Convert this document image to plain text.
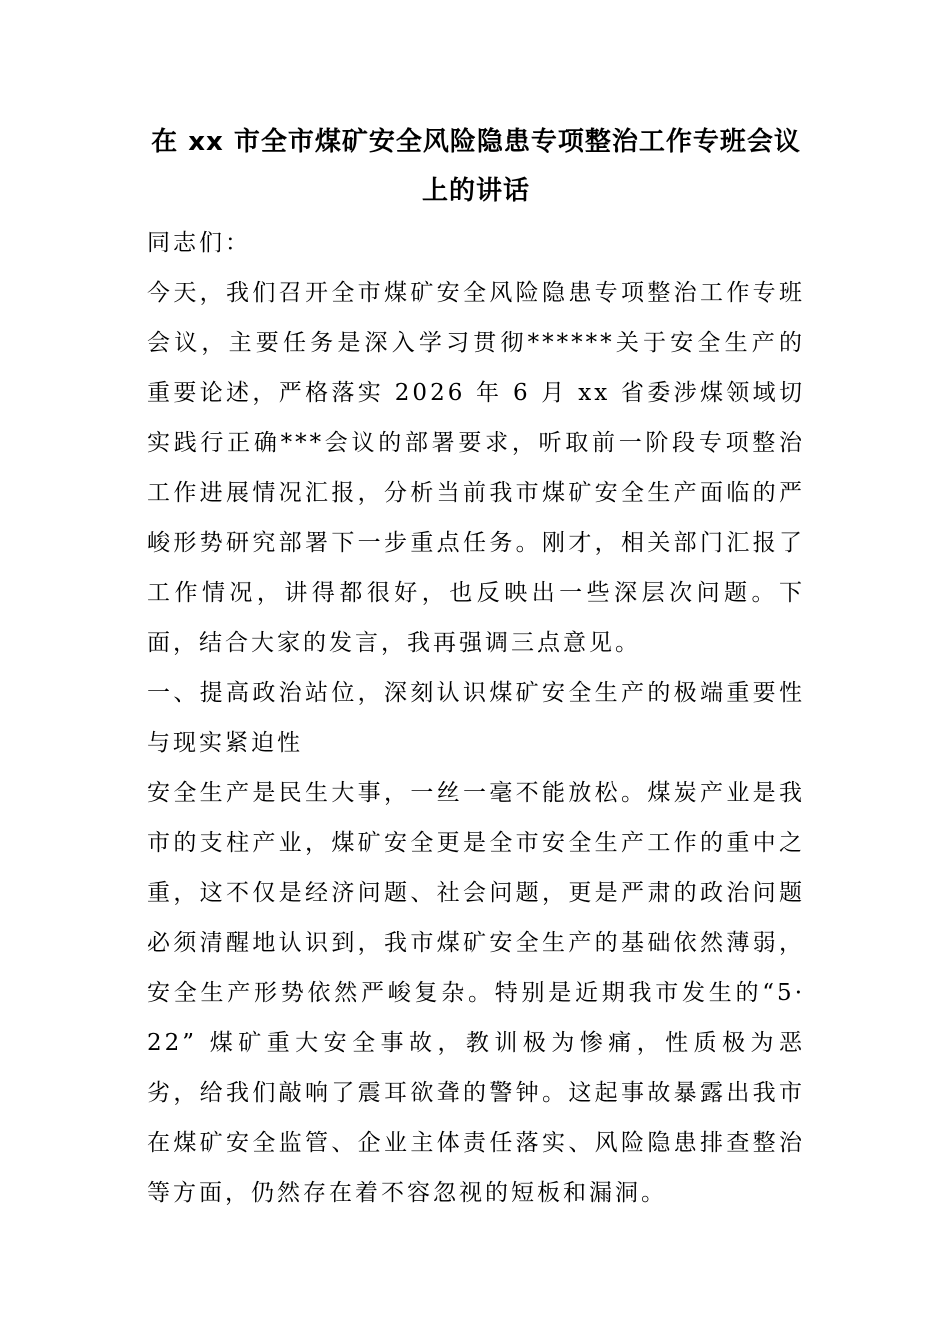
在 xx 市全市煤矿安全风险隐患专项整治工作专班会议上的讲话

同志们：

今天，我们召开全市煤矿安全风险隐患专项整治工作专班会议，主要任务是深入学习贯彻******关于安全生产的重要论述，严格落实 2026 年 6 月 xx 省委涉煤领域切实践行正确***会议的部署要求，听取前一阶段专项整治工作进展情况汇报，分析当前我市煤矿安全生产面临的严峻形势研究部署下一步重点任务。刚才，相关部门汇报了工作情况，讲得都很好，也反映出一些深层次问题。下面，结合大家的发言，我再强调三点意见。

一、提高政治站位，深刻认识煤矿安全生产的极端重要性与现实紧迫性

安全生产是民生大事，一丝一毫不能放松。煤炭产业是我市的支柱产业，煤矿安全更是全市安全生产工作的重中之重，这不仅是经济问题、社会问题，更是严肃的政治问题必须清醒地认识到，我市煤矿安全生产的基础依然薄弱，安全生产形势依然严峻复杂。特别是近期我市发生的“5·22” 煤矿重大安全事故，教训极为惨痛，性质极为恶劣，给我们敲响了震耳欲聋的警钟。这起事故暴露出我市在煤矿安全监管、企业主体责任落实、风险隐患排查整治等方面，仍然存在着不容忽视的短板和漏洞。
